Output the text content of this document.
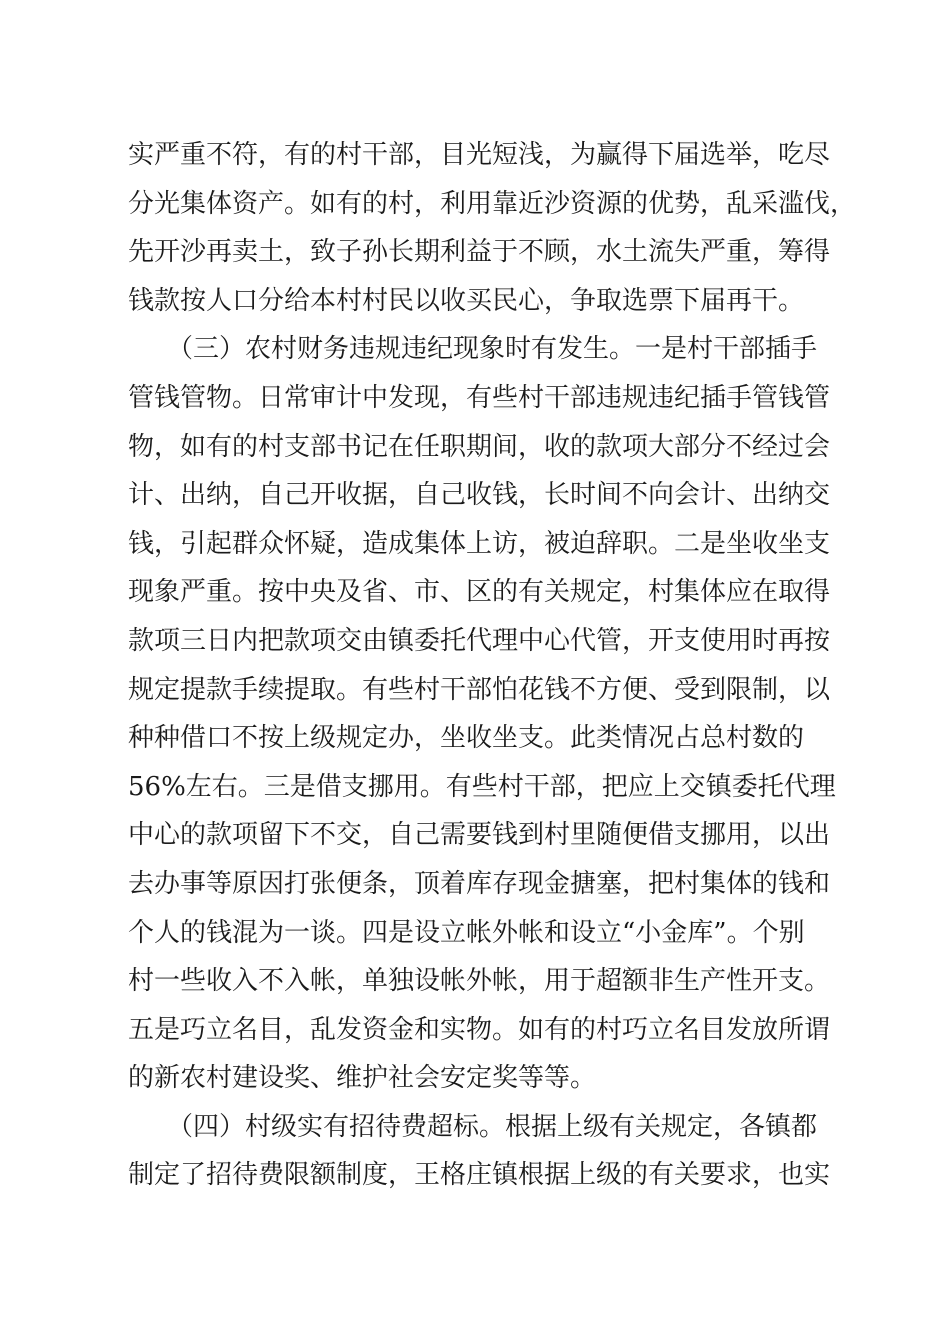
实严重不符，有的村干部，目光短浅，为赢得下届选举，吃尽
分光集体资产。如有的村，利用靠近沙资源的优势，乱采滥伐，
先开沙再卖土，致子孙长期利益于不顾，水土流失严重，筹得
钱款按人口分给本村村民以收买民心，争取选票下届再干。
　　（三）农村财务违规违纪现象时有发生。一是村干部插手
管钱管物。日常审计中发现，有些村干部违规违纪插手管钱管
物，如有的村支部书记在任职期间，收的款项大部分不经过会
计、出纳，自己开收据，自己收钱，长时间不向会计、出纳交
钱，引起群众怀疑，造成集体上访，被迫辞职。二是坐收坐支
现象严重。按中央及省、市、区的有关规定，村集体应在取得
款项三日内把款项交由镇委托代理中心代管，开支使用时再按
规定提款手续提取。有些村干部怕花钱不方便、受到限制，以
种种借口不按上级规定办，坐收坐支。此类情况占总村数的
56%左右。三是借支挪用。有些村干部，把应上交镇委托代理
中心的款项留下不交，自己需要钱到村里随便借支挪用，以出
去办事等原因打张便条，顶着库存现金搪塞，把村集体的钱和
个人的钱混为一谈。四是设立帐外帐和设立“小金库”。个别
村一些收入不入帐，单独设帐外帐，用于超额非生产性开支。
五是巧立名目，乱发资金和实物。如有的村巧立名目发放所谓
的新农村建设奖、维护社会安定奖等等。
　　（四）村级实有招待费超标。根据上级有关规定，各镇都
制定了招待费限额制度，王格庄镇根据上级的有关要求，也实
